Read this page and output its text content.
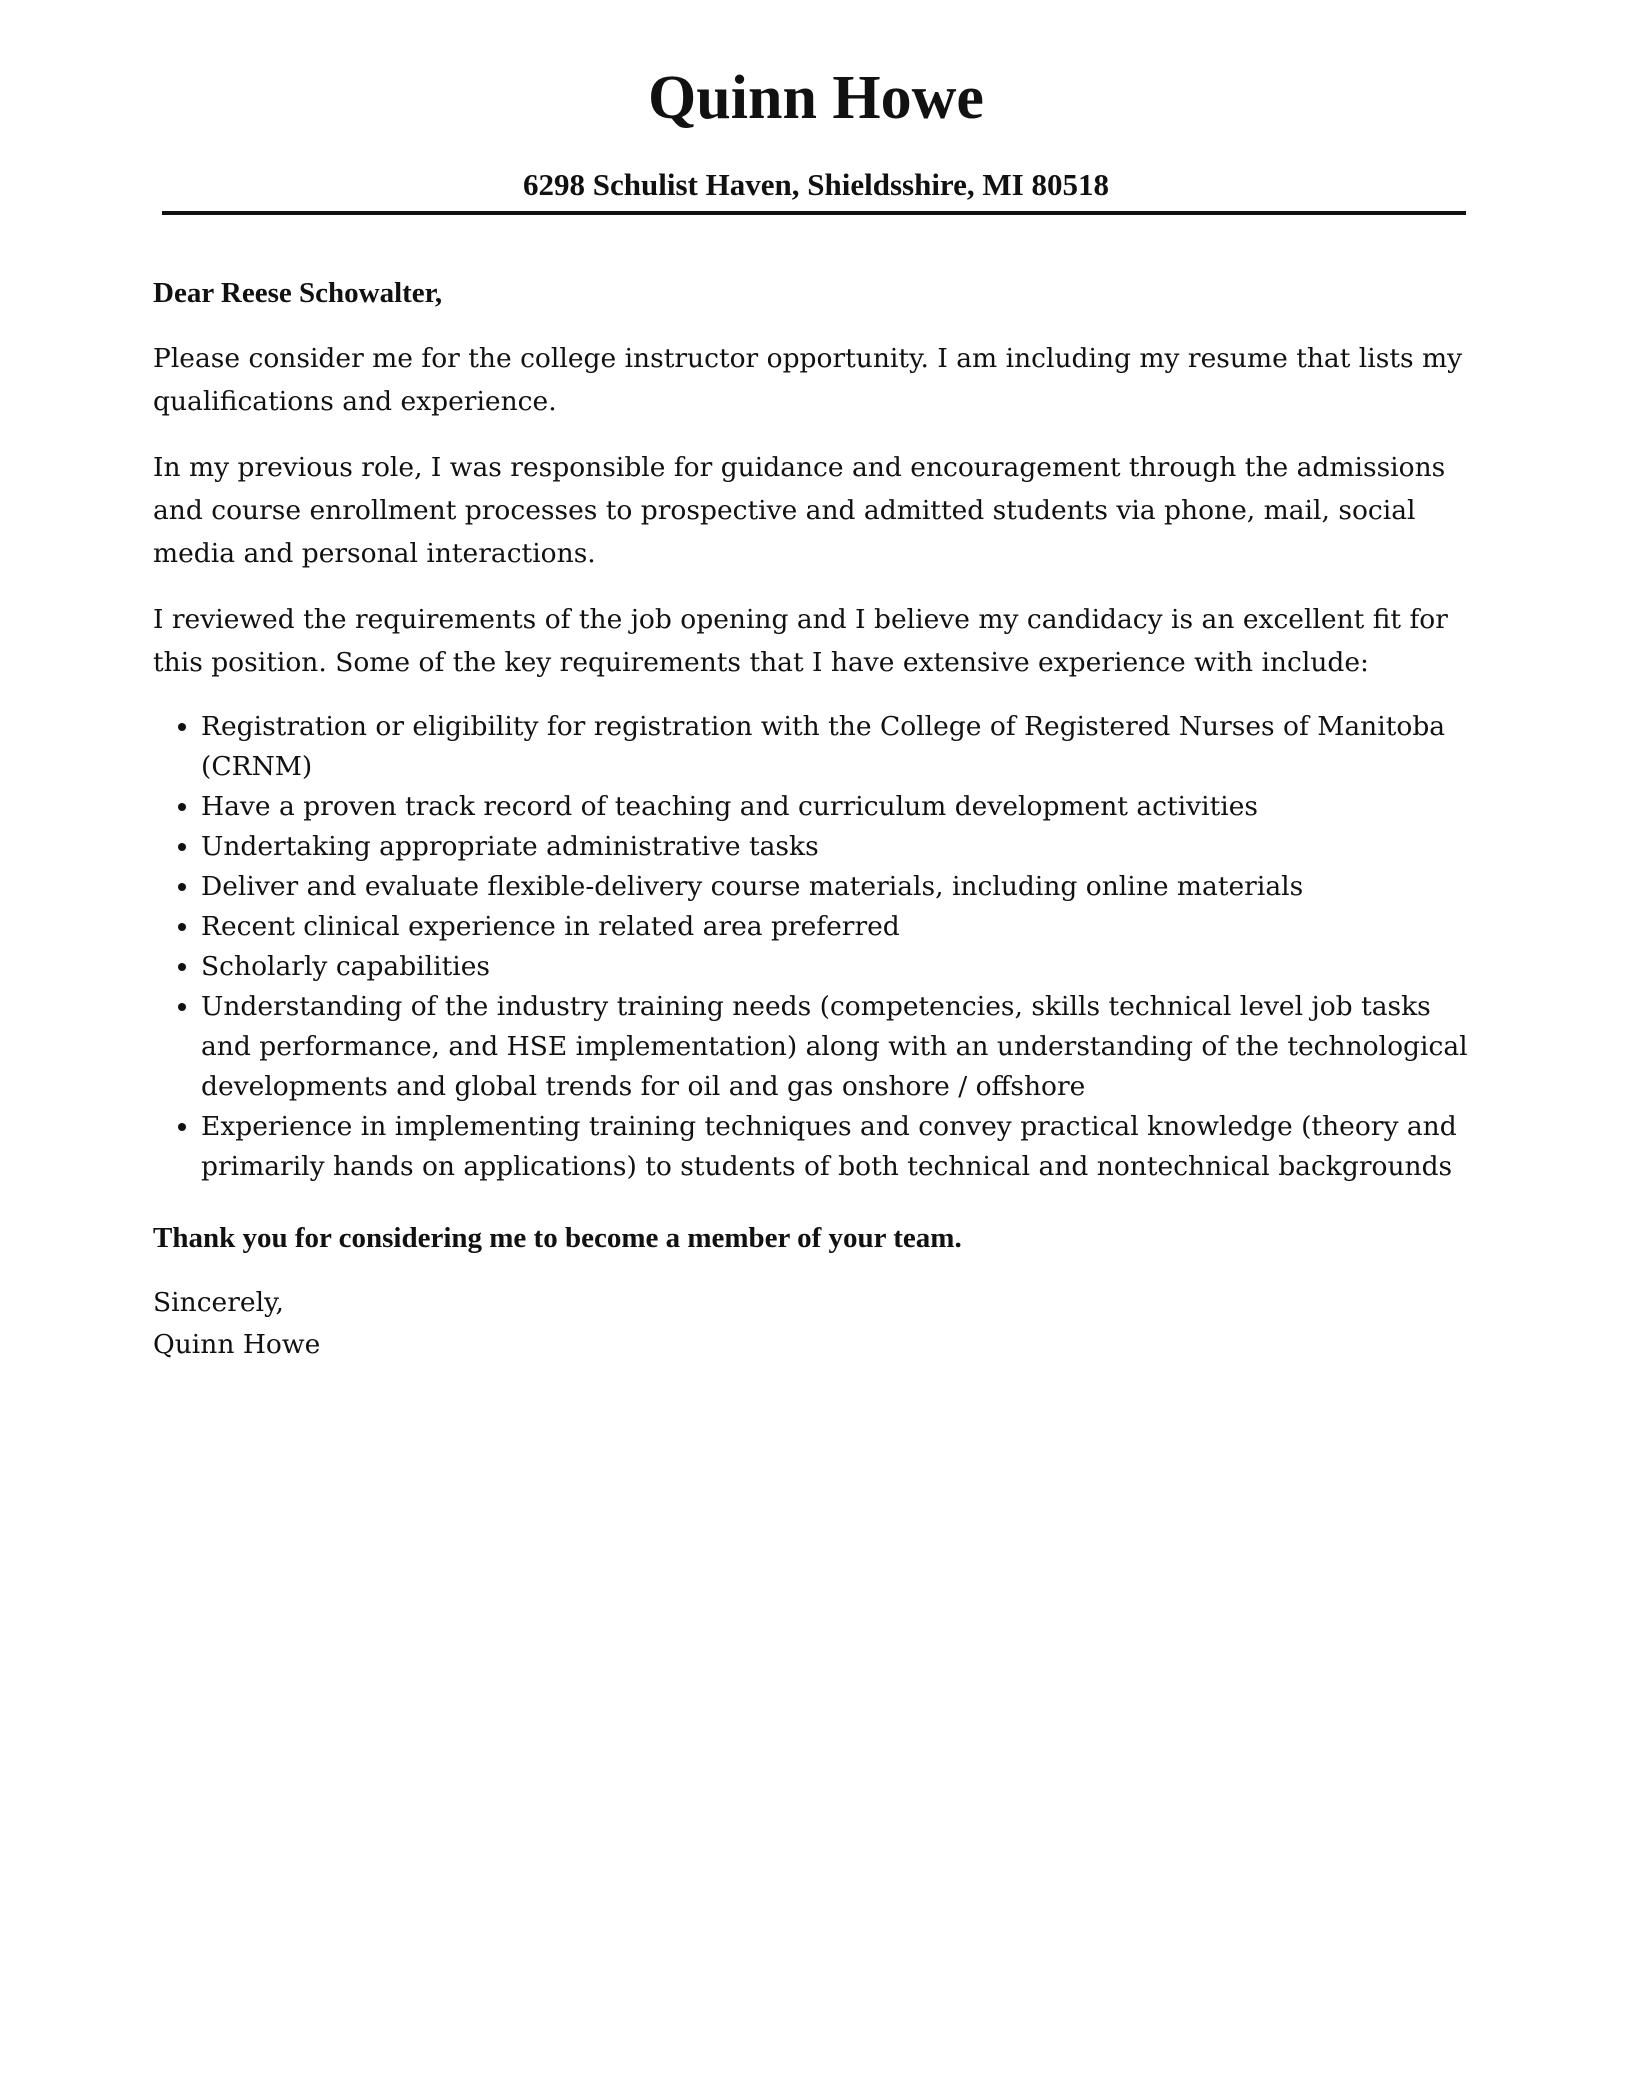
Quinn Howe
6298 Schulist Haven, Shieldsshire, MI 80518

Dear Reese Schowalter,

Please consider me for the college instructor opportunity. I am including my resume that lists my qualifications and experience.

In my previous role, I was responsible for guidance and encouragement through the admissions and course enrollment processes to prospective and admitted students via phone, mail, social media and personal interactions.

I reviewed the requirements of the job opening and I believe my candidacy is an excellent fit for this position. Some of the key requirements that I have extensive experience with include:

Registration or eligibility for registration with the College of Registered Nurses of Manitoba (CRNM)
Have a proven track record of teaching and curriculum development activities
Undertaking appropriate administrative tasks
Deliver and evaluate flexible-delivery course materials, including online materials
Recent clinical experience in related area preferred
Scholarly capabilities
Understanding of the industry training needs (competencies, skills technical level job tasks and performance, and HSE implementation) along with an understanding of the technological developments and global trends for oil and gas onshore / offshore
Experience in implementing training techniques and convey practical knowledge (theory and primarily hands on applications) to students of both technical and nontechnical backgrounds

Thank you for considering me to become a member of your team.

Sincerely,

Quinn Howe
